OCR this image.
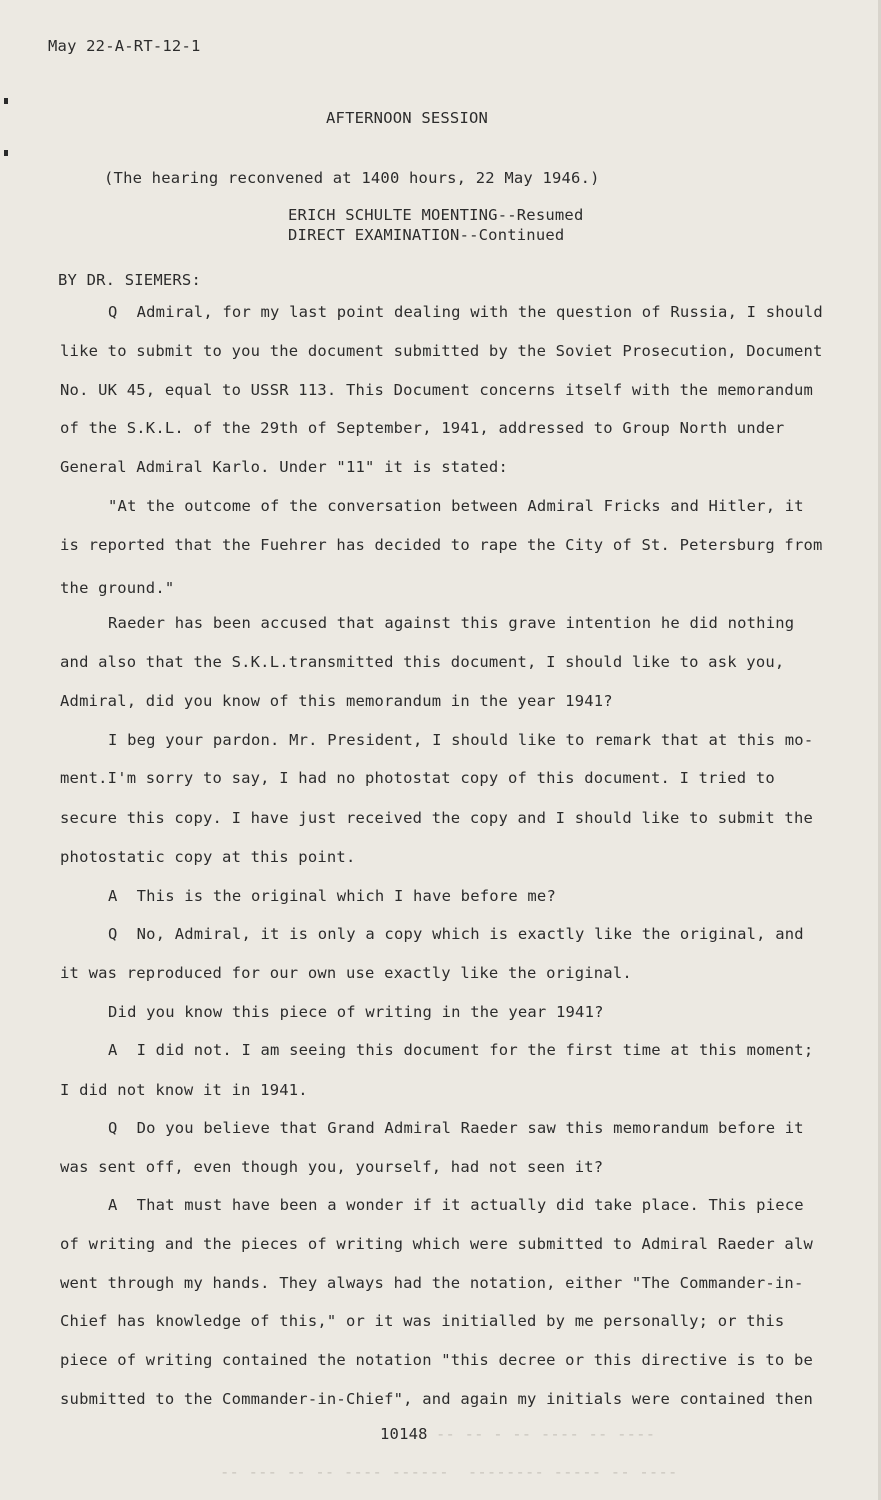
May 22-A-RT-12-1
AFTERNOON SESSION
(The hearing reconvened at 1400 hours, 22 May 1946.)
ERICH SCHULTE MOENTING--Resumed
DIRECT EXAMINATION--Continued
BY DR. SIEMERS:
Q  Admiral, for my last point dealing with the question of Russia, I should
like to submit to you the document submitted by the Soviet Prosecution, Document
No. UK 45, equal to USSR 113. This Document concerns itself with the memorandum
of the S.K.L. of the 29th of September, 1941, addressed to Group North under
General Admiral Karlo. Under "11" it is stated:
"At the outcome of the conversation between Admiral Fricks and Hitler, it
is reported that the Fuehrer has decided to rape the City of St. Petersburg from
the ground."
Raeder has been accused that against this grave intention he did nothing
and also that the S.K.L.transmitted this document, I should like to ask you,
Admiral, did you know of this memorandum in the year 1941?
I beg your pardon. Mr. President, I should like to remark that at this mo-
ment.I'm sorry to say, I had no photostat copy of this document. I tried to
secure this copy. I have just received the copy and I should like to submit the
photostatic copy at this point.
A  This is the original which I have before me?
Q  No, Admiral, it is only a copy which is exactly like the original, and
it was reproduced for our own use exactly like the original.
Did you know this piece of writing in the year 1941?
A  I did not. I am seeing this document for the first time at this moment;
I did not know it in 1941.
Q  Do you believe that Grand Admiral Raeder saw this memorandum before it
was sent off, even though you, yourself, had not seen it?
A  That must have been a wonder if it actually did take place. This piece
of writing and the pieces of writing which were submitted to Admiral Raeder alw
went through my hands. They always had the notation, either "The Commander-in-
Chief has knowledge of this," or it was initialled by me personally; or this
piece of writing contained the notation "this decree or this directive is to be
submitted to the Commander-in-Chief", and again my initials were contained then
10148 -- -- - -- ---- -- ----
-- --- -- -- ---- ------  -------- ----- -- ----
